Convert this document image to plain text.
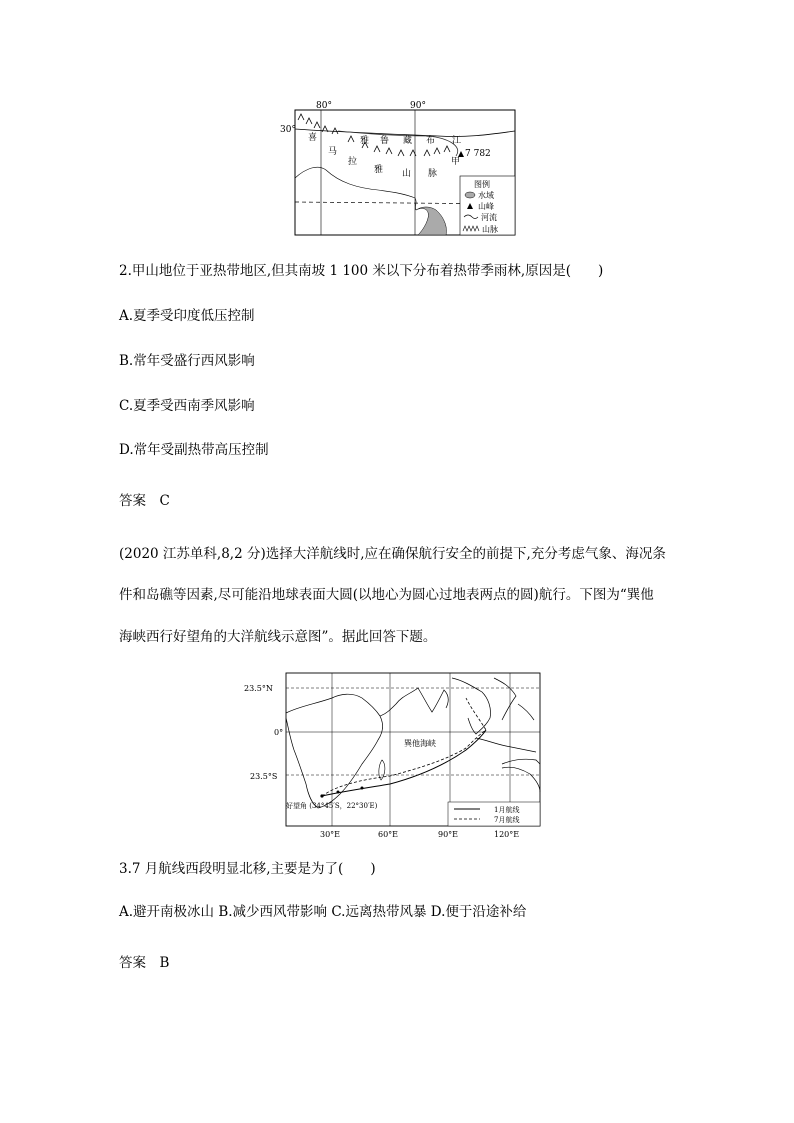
80°	90°
30°
喜
马
拉
雅 山 脉
雅 鲁 藏 布 江
7 782
甲
图例
水域
山峰
河流
山脉
2.甲山地位于亚热带地区,但其南坡 1 100 米以下分布着热带季雨林,原因是(　　)
A.夏季受印度低压控制
B.常年受盛行西风影响
C.夏季受西南季风影响
D.常年受副热带高压控制
答案　C
(2020 江苏单科,8,2 分)选择大洋航线时,应在确保航行安全的前提下,充分考虑气象、海况条
件和岛礁等因素,尽可能沿地球表面大圆(以地心为圆心过地表两点的圆)航行。下图为“巽他
海峡西行好望角的大洋航线示意图”。据此回答下题。
23.5°N
0°
23.5°S
巽他海峡
好望角 (34°45′S，22°30′E)	1月航线
7月航线
30°E	60°E	90°E	120°E
3.7 月航线西段明显北移,主要是为了(　　)
A.避开南极冰山 B.减少西风带影响 C.远离热带风暴 D.便于沿途补给
答案　B
